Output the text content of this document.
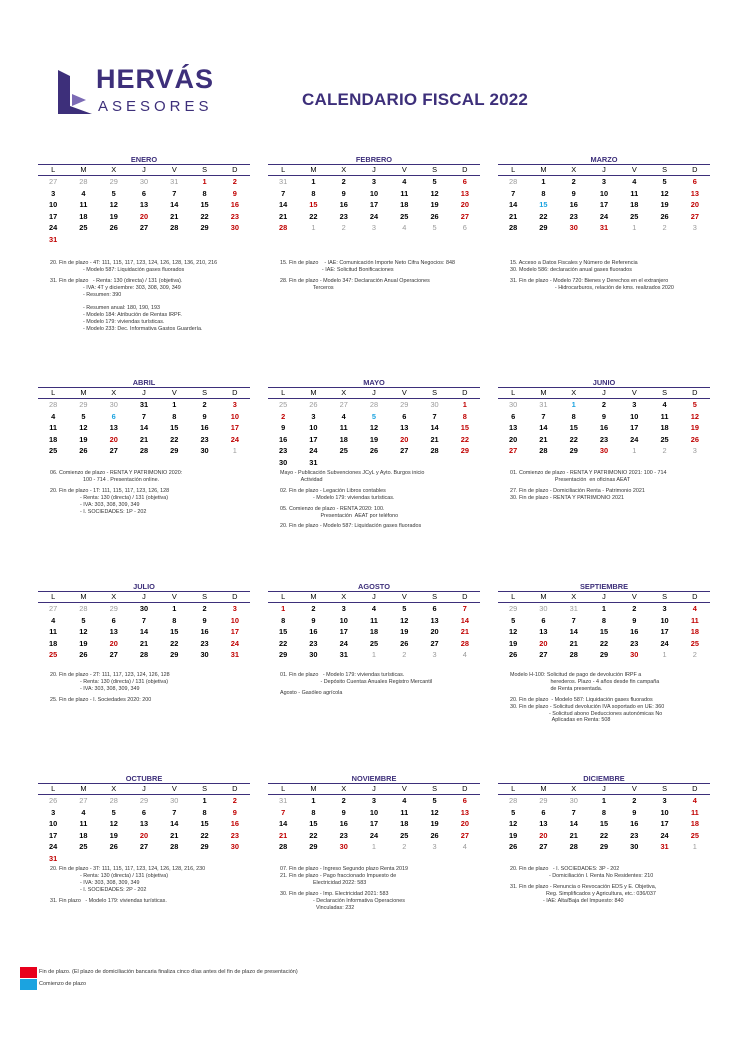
HERVÁS
ASESORES	CALENDARIO FISCAL 2022
ENERO
L	M	X	J	V	S	D
27	28	29	30	31	1	2
3	4	5	6	7	8	9
10	11	12	13	14	15	16
17	18	19	20	21	22	23
24	25	26	27	28	29	30
31
20. Fin de plazo - 4T: 111, 115, 117, 123, 124, 126, 128, 136, 210, 216
- Modelo 587: Liquidación gases fluorados
31. Fin de plazo   - Renta: 130 (directa) / 131 (objetiva).
- IVA: 4T y diciembre: 303, 308, 309, 349
- Resumen: 390

- Resumen anual: 180, 190, 193
- Modelo 184: Atribución de Rentas IRPF.
- Modelo 179: viviendas turísticas.
- Modelo 233: Dec. Informativa Gastos Guardería.
FEBRERO
L	M	X	J	V	S	D
31	1	2	3	4	5	6
7	8	9	10	11	12	13
14	15	16	17	18	19	20
21	22	23	24	25	26	27
28	1	2	3	4	5	6
15. Fin de plazo    - IAE: Comunicación Importe Neto Cifra Negocios: 848
- IAE: Solicitud Bonificaciones
28. Fin de plazo - Modelo 347: Declaración Anual Operaciones
Terceros
MARZO
L	M	X	J	V	S	D
28	1	2	3	4	5	6
7	8	9	10	11	12	13
14	15	16	17	18	19	20
21	22	23	24	25	26	27
28	29	30	31	1	2	3
15. Acceso a Datos Fiscales y Número de Referencia
30. Modelo 586: declaración anual gases fluorados
31. Fin de plazo - Modelo 720: Bienes y Derechos en el extranjero
- Hidrocarburos, relación de kms. realizados 2020
ABRIL
L	M	X	J	V	S	D
28	29	30	31	1	2	3
4	5	6	7	8	9	10
11	12	13	14	15	16	17
18	19	20	21	22	23	24
25	26	27	28	29	30	1
06. Comienzo de plazo - RENTA Y PATRIMONIO 2020:
100 - 714 . Presentación online.
20. Fin de plazo - 1T: 111, 115, 117, 123, 126, 128
- Renta: 130 (directa) / 131 (objetiva)
- IVA: 303, 308, 309, 349
- I. SOCIEDADES: 1P - 202
MAYO
L	M	X	J	V	S	D
25	26	27	28	29	30	1
2	3	4	5	6	7	8
9	10	11	12	13	14	15
16	17	18	19	20	21	22
23	24	25	26	27	28	29
30	31
Mayo - Publicación Subvenciones JCyL y Ayto. Burgos inicio
Actividad
02. Fin de plazo - Legación Libros contables
- Modelo 179: viviendas turísticas.
05. Comienzo de plazo - RENTA 2020: 100.
Presentación  AEAT por teléfono
20. Fin de plazo - Modelo 587: Liquidación gases fluorados
JUNIO
L	M	X	J	V	S	D
30	31	1	2	3	4	5
6	7	8	9	10	11	12
13	14	15	16	17	18	19
20	21	22	23	24	25	26
27	28	29	30	1	2	3
01. Comienzo de plazo - RENTA Y PATRIMONIO 2021: 100 - 714
Presentación  en oficinas AEAT
27. Fin de plazo - Domiciliación Renta - Patrimonio 2021
30. Fin de plazo - RENTA Y PATRIMONIO 2021
JULIO
L	M	X	J	V	S	D
27	28	29	30	1	2	3
4	5	6	7	8	9	10
11	12	13	14	15	16	17
18	19	20	21	22	23	24
25	26	27	28	29	30	31
20. Fin de plazo - 2T: 111, 117, 123, 124, 126, 128
- Renta: 130 (directa) / 131 (objetiva)
- IVA: 303, 308, 309, 349
25. Fin de plazo - I. Sociedades 2020: 200
AGOSTO
L	M	X	J	V	S	D
1	2	3	4	5	6	7
8	9	10	11	12	13	14
15	16	17	18	19	20	21
22	23	24	25	26	27	28
29	30	31	1	2	3	4
01. Fin de plazo   - Modelo 179: viviendas turísticas.
- Depósito Cuentas Anuales Registro Mercantil
Agosto - Gasóleo agrícola
SEPTIEMBRE
L	M	X	J	V	S	D
29	30	31	1	2	3	4
5	6	7	8	9	10	11
12	13	14	15	16	17	18
19	20	21	22	23	24	25
26	27	28	29	30	1	2
Modelo H-100: Solicitud de pago de devolución IRPF a
herederos. Plazo - 4 años desde fin campaña
de Renta presentada.
20. Fin de plazo  - Modelo 587: Liquidación gases fluorados
30. Fin de plazo - Solicitud devolución IVA soportado en UE: 360
- Solicitud abono Deducciones autonómicas No
Aplicadas en Renta: 508
OCTUBRE
L	M	X	J	V	S	D
26	27	28	29	30	1	2
3	4	5	6	7	8	9
10	11	12	13	14	15	16
17	18	19	20	21	22	23
24	25	26	27	28	29	30
31
20. Fin de plazo - 3T: 111, 115, 117, 123, 124, 126, 128, 216, 230
- Renta: 130 (directa) / 131 (objetiva)
- IVA: 303, 308, 309, 349
- I. SOCIEDADES: 2P - 202
31. Fin plazo   - Modelo 179: viviendas turísticas.
NOVIEMBRE
L	M	X	J	V	S	D
31	1	2	3	4	5	6
7	8	9	10	11	12	13
14	15	16	17	18	19	20
21	22	23	24	25	26	27
28	29	30	1	2	3	4
07. Fin de plazo - Ingreso Segundo plazo Renta 2019
21. Fin de plazo - Pago fraccionado Impuesto de
Electricidad 2022: 583
30. Fin de plazo - Imp. Electricidad 2021: 583
- Declaración Informativa Operaciones
Vinculadas: 232
DICIEMBRE
L	M	X	J	V	S	D
28	29	30	1	2	3	4
5	6	7	8	9	10	11
12	13	14	15	16	17	18
19	20	21	22	23	24	25
26	27	28	29	30	31	1
20. Fin de plazo   - I. SOCIEDADES: 3P - 202
- Domiciliación I. Renta No Residentes: 210
31. Fin de plazo - Renuncia o Revocación EDS y E. Objetiva,
Reg. Simplificados y Agricultura, etc.: 036/037
- IAE: Alta/Baja del Impuesto: 840
Fin de plazo. (El plazo de domiciliación bancaria finaliza cinco días antes del fin de plazo de presentación)
Comienzo de plazo
